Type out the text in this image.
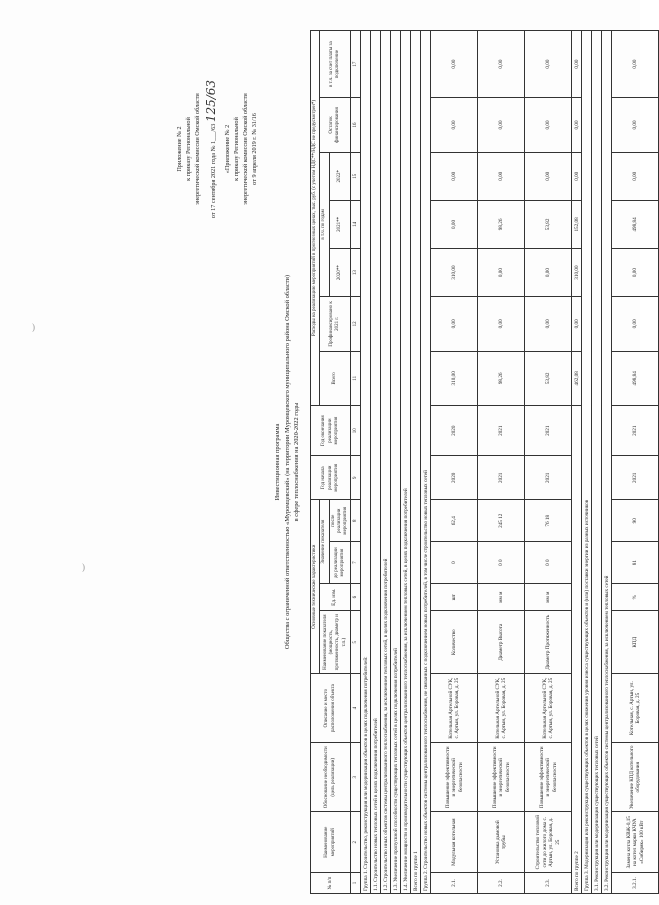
)
)
Приложение № 2 к приказу Региональной энергетической комиссии Омской области	от 17 сентября 2021 года № 1___/63 125/63
«Приложение № 2 к приказу Региональной энергетической комиссии Омской области от 9 апреля 2019 г. № 31/16
Инвестиционная программа Общества с ограниченной ответственностью «Муромцевский» (на территории Муромцевского муниципального района Омской области) в сфере теплоснабжения на 2020-2022 годы
№ п/п	Наименование мероприятий	Обоснование необходимости (цель реализации)	Описание и место расположения объекта	Основные технические характеристики				Год начала реализации мероприятия	Год окончания реализации мероприятия	Расходы на реализацию мероприятий в прогнозных ценах, тыс. руб. (с учетом НДС**/НДС не предусмотрен*)						
				Наименование показателя (мощность, протяженность, диаметр и т.п.)	Ед. изм.	Значение показателя				Всего	Профинансировано к 2021 г.	в т.ч. по годам			Остаток финансирования	в т.ч. за счет платы за подключение
						до реализации мероприятия	после реализации мероприятия					2020**	2021**	2022*		
1	2	3	4	5	6	7	8	9	10	11	12	13	14	15	16	17
Группа 1. Строительство, реконструкция или модернизация объектов в целях подключения потребителей:																
1.1. Строительство новых тепловых сетей в целях подключения потребителей																
1.2. Строительство иных объектов системы централизованного теплоснабжения, за исключением тепловых сетей, в целях подключения потребителей																
1.3. Увеличение пропускной способности существующих тепловых сетей в целях подключения потребителей																
1.4. Увеличение мощности и производительности существующих объектов централизованного теплоснабжения, за исключением тепловых сетей, в целях подключения потребителей																
Всего по группе 1																
Группа 2. Строительство новых объектов системы централизованного теплоснабжения, не связанных с подключением новых потребителей, в том числе строительство новых тепловых сетей																
2.1.	Модульная котельная	Повышение эффективности и энергетической безопасности	Котельная Артельной СУК, с. Артын, ул. Боровая, д. 25	Количество	шт	0	62,4	2020	2020	310,00	0,00	310,00	0,00	0,00	0,00	0,00
2.2.	Установка дымовой трубы	Повышение эффективности и энергетической безопасности	Котельная Артельной СУК, с. Артын, ул. Боровая, д. 25	Диаметр Высота	мм м	0 0	245 12	2021	2021	98,26	0,00	0,00	98,26	0,00	0,00	0,00
2.3.	Строительство тепловой сети до жилого дома с. Артын, ул. Боровая, д. 25	Повышение эффективности и энергетической безопасности	Котельная Артельной СУК, с. Артын, ул. Боровая, д. 25	Диаметр Протяженность	мм м	0 0	76 18	2021	2021	53,82	0,00	0,00	53,82	0,00	0,00	0,00
Всего по группе 2										462,08	0,00	310,00	152,08	0,00	0,00	0,00
Группа 3. Модернизация или реконструкция существующих объектов в целях снижения уровня износа существующих объектов и (или) поставки энергии из разных источников																
3.1. Реконструкция или модернизация существующих тепловых сетей																
3.2. Реконструкция или модернизация существующих объектов системы централизованного теплоснабжения, за исключением тепловых сетей																
3.2.1.	Замена котла КВЖ-0,15 на котел марки КЧУА «Сибиряк» 100 кВт	Увеличение КПД котельного оборудования	Котельная, с. Артын, ул. Боровая, д. 25	КПД	%	81	90	2021	2021	498,84	0,00	0,00	498,84	0,00	0,00	0,00
